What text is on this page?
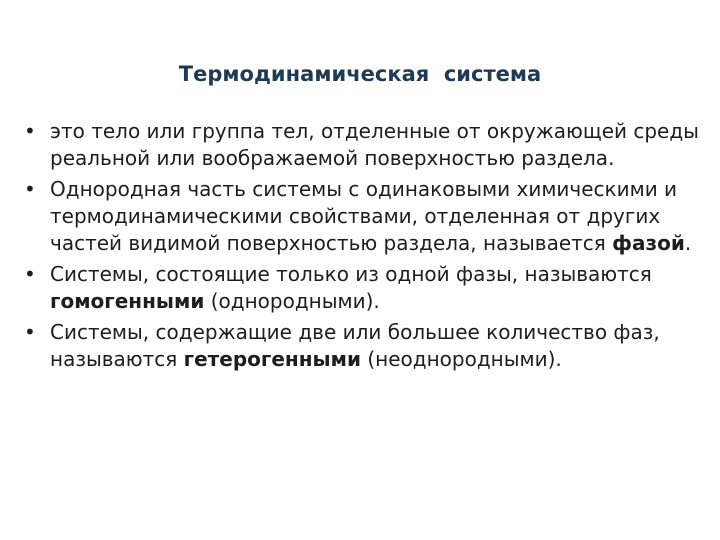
Термодинамическая  система
• это тело или группа тел, отделенные от окружающей среды реальной или воображаемой поверхностью раздела.
• Однородная часть системы с одинаковыми химическими и термодинамическими свойствами, отделенная от других частей видимой поверхностью раздела, называется фазой.
• Системы, состоящие только из одной фазы, называются гомогенными (однородными).
• Системы, содержащие две или большее количество фаз, называются гетерогенными (неоднородными).
